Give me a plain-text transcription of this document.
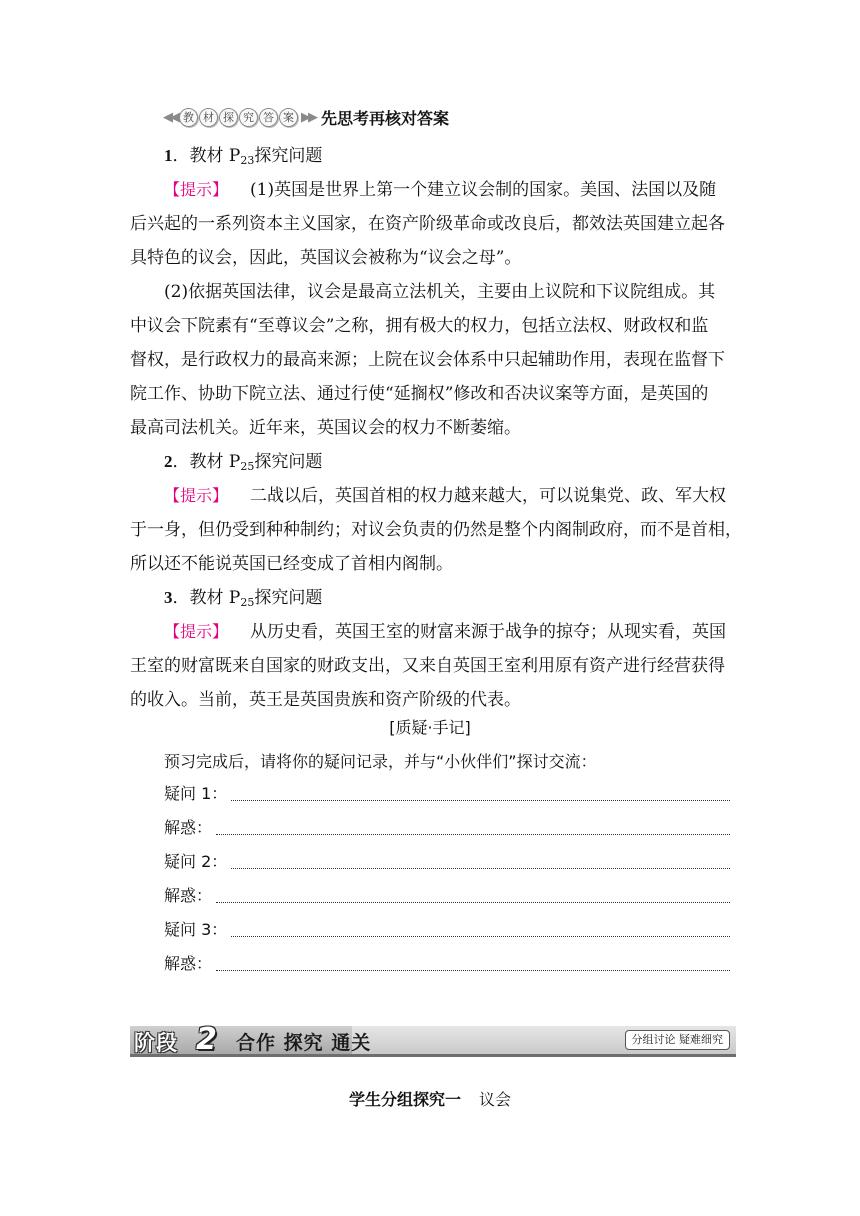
◀◀ 教 材 探 究 答 案 ▶▶ 先思考再核对答案
1．教材 $P_{23}$探究问题
【提示】 (1)英国是世界上第一个建立议会制的国家。美国、法国以及随
后兴起的一系列资本主义国家，在资产阶级革命或改良后，都效法英国建立起各
具特色的议会，因此，英国议会被称为“议会之母”。
(2)依据英国法律，议会是最高立法机关，主要由上议院和下议院组成。其
中议会下院素有“至尊议会”之称，拥有极大的权力，包括立法权、财政权和监
督权，是行政权力的最高来源；上院在议会体系中只起辅助作用，表现在监督下
院工作、协助下院立法、通过行使“延搁权”修改和否决议案等方面，是英国的
最高司法机关。近年来，英国议会的权力不断萎缩。
2．教材 $P_{25}$探究问题
【提示】 二战以后，英国首相的权力越来越大，可以说集党、政、军大权
于一身，但仍受到种种制约；对议会负责的仍然是整个内阁制政府，而不是首相，
所以还不能说英国已经变成了首相内阁制。
3．教材 $P_{25}$探究问题
【提示】 从历史看，英国王室的财富来源于战争的掠夺；从现实看，英国
王室的财富既来自国家的财政支出，又来自英国王室利用原有资产进行经营获得
的收入。当前，英王是英国贵族和资产阶级的代表。
[质疑·手记]
预习完成后，请将你的疑问记录，并与“小伙伴们”探讨交流：
疑问 1：
解惑：
疑问 2：
解惑：
疑问 3：
解惑：
阶段 2 合作 探究 通关	分组讨论 疑难细究
学生分组探究一 议会
